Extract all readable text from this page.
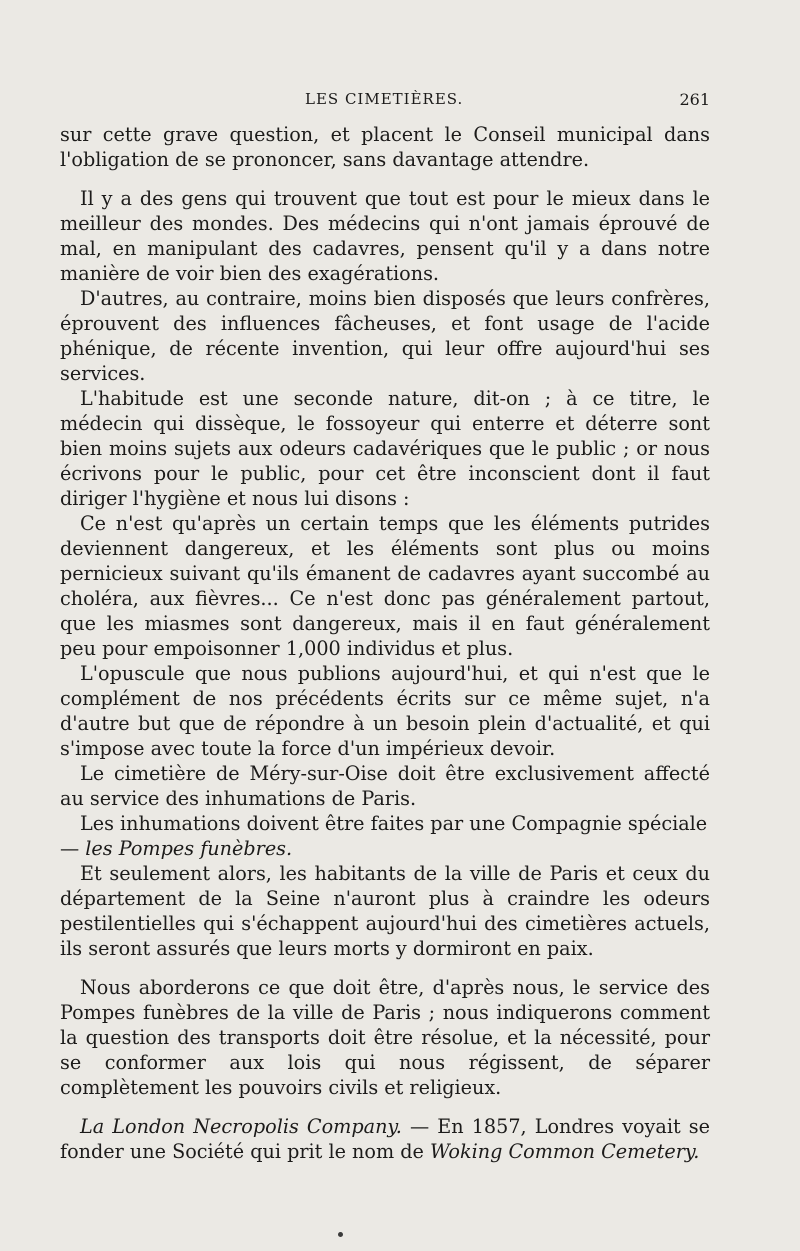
LES CIMETIÈRES.	261

sur cette grave question, et placent le Conseil municipal dans l'obligation de se prononcer, sans davantage attendre.

Il y a des gens qui trouvent que tout est pour le mieux dans le meilleur des mondes. Des médecins qui n'ont jamais éprouvé de mal, en manipulant des cadavres, pensent qu'il y a dans notre manière de voir bien des exagérations.

D'autres, au contraire, moins bien disposés que leurs confrères, éprouvent des influences fâcheuses, et font usage de l'acide phénique, de récente invention, qui leur offre aujourd'hui ses services.

L'habitude est une seconde nature, dit-on ; à ce titre, le médecin qui dissèque, le fossoyeur qui enterre et déterre sont bien moins sujets aux odeurs cadavériques que le public ; or nous écrivons pour le public, pour cet être inconscient dont il faut diriger l'hygiène et nous lui disons :

Ce n'est qu'après un certain temps que les éléments putrides deviennent dangereux, et les éléments sont plus ou moins pernicieux suivant qu'ils émanent de cadavres ayant succombé au choléra, aux fièvres... Ce n'est donc pas généralement partout, que les miasmes sont dangereux, mais il en faut généralement peu pour empoisonner 1,000 individus et plus.

L'opuscule que nous publions aujourd'hui, et qui n'est que le complément de nos précédents écrits sur ce même sujet, n'a d'autre but que de répondre à un besoin plein d'actualité, et qui s'impose avec toute la force d'un impérieux devoir.

Le cimetière de Méry-sur-Oise doit être exclusivement affecté au service des inhumations de Paris.

Les inhumations doivent être faites par une Compagnie spéciale

— les Pompes funèbres.

Et seulement alors, les habitants de la ville de Paris et ceux du département de la Seine n'auront plus à craindre les odeurs pestilentielles qui s'échappent aujourd'hui des cimetières actuels, ils seront assurés que leurs morts y dormiront en paix.

Nous aborderons ce que doit être, d'après nous, le service des Pompes funèbres de la ville de Paris ; nous indiquerons comment la question des transports doit être résolue, et la nécessité, pour se conformer aux lois qui nous régissent, de séparer complètement les pouvoirs civils et religieux.

La London Necropolis Company. — En 1857, Londres voyait se fonder une Société qui prit le nom de Woking Common Cemetery.
